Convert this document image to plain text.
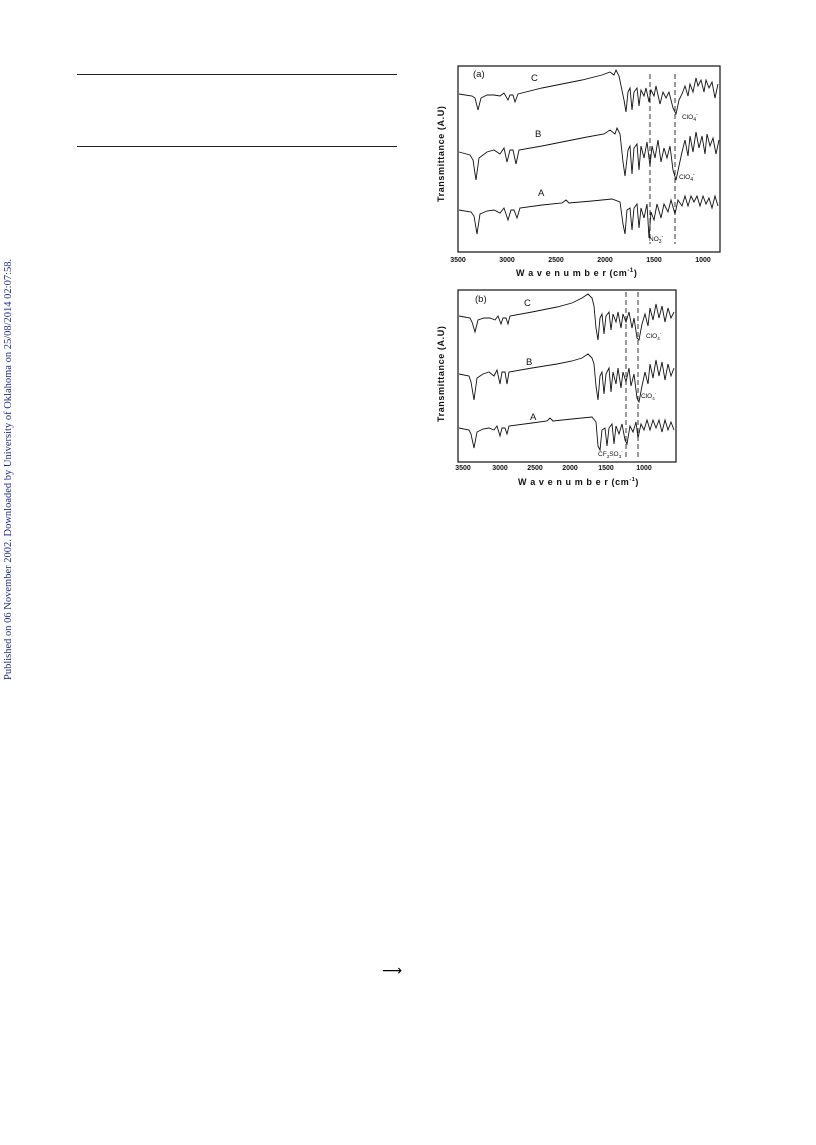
Published on 06 November 2002. Downloaded by University of Oklahoma on 25/08/2014 02:07:58.
(a)
Transmittance (A.U)
3500	3000	2500	2000	1500	1000
W a v e n u m b e r $(cm^{-1})$
C
B
A
ClO$_4$-
ClO$_4$-
$NO_3^-$
(b)
Transmittance (A.U)
3500	3000	2500	2000	1500	1000
W a v e n u m b e r $(cm^{-1})$
C
B
A
ClO$_4$-
ClO$_4$-
$CF_3SO_3^-$
⟶
